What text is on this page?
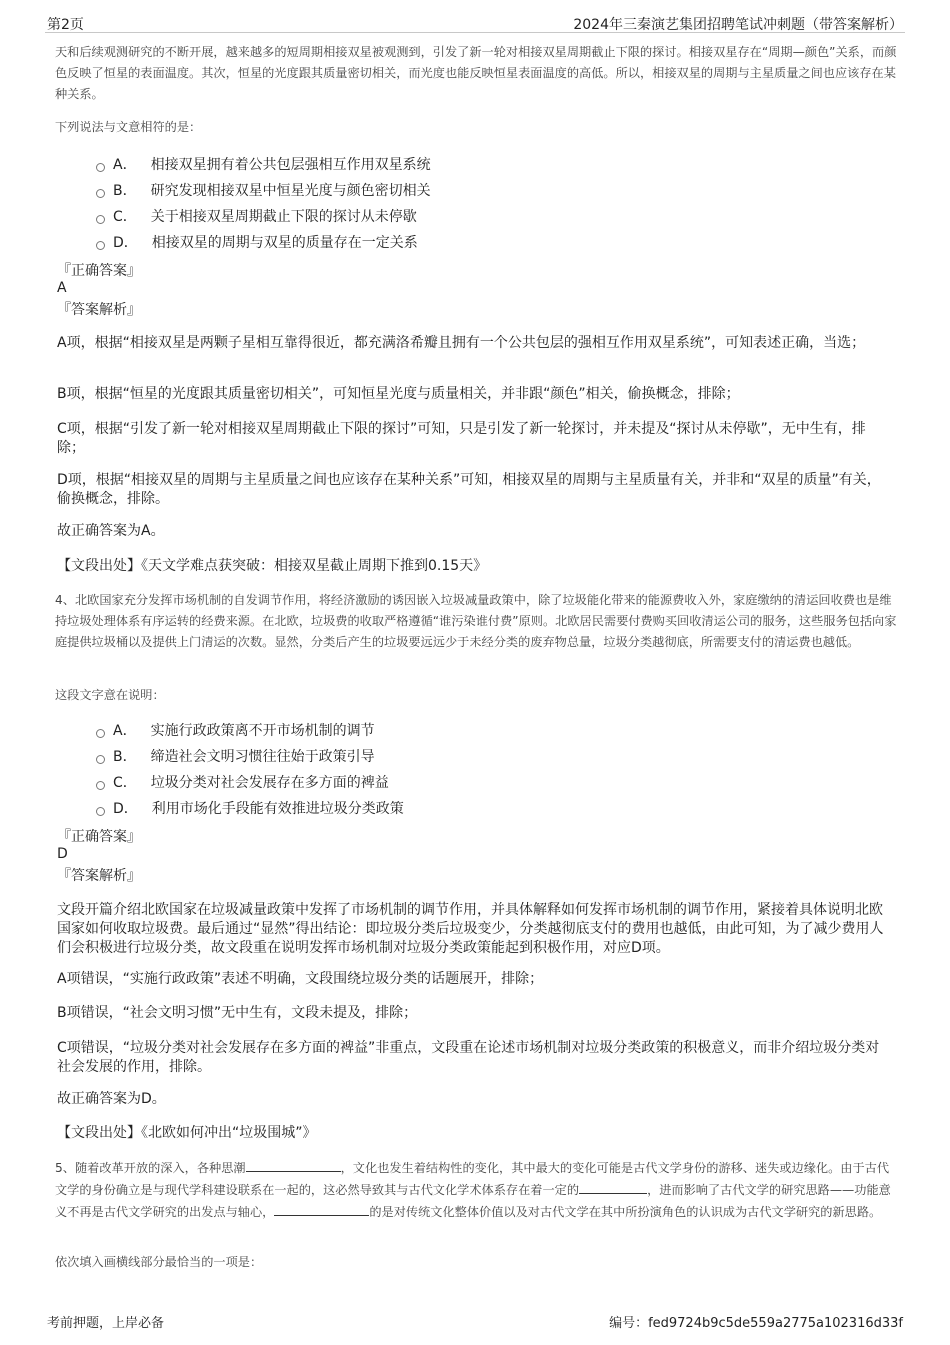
第2页	2024年三秦演艺集团招聘笔试冲刺题（带答案解析）

天和后续观测研究的不断开展，越来越多的短周期相接双星被观测到，引发了新一轮对相接双星周期截止下限的探讨。相接双星存在“周期—颜色”关系，而颜色反映了恒星的表面温度。其次，恒星的光度跟其质量密切相关，而光度也能反映恒星表面温度的高低。所以，相接双星的周期与主星质量之间也应该存在某种关系。

下列说法与文意相符的是：

A． 相接双星拥有着公共包层强相互作用双星系统
B． 研究发现相接双星中恒星光度与颜色密切相关
C． 关于相接双星周期截止下限的探讨从未停歇
D． 相接双星的周期与双星的质量存在一定关系

『正确答案』

A

『答案解析』

A项，根据“相接双星是两颗子星相互靠得很近，都充满洛希瓣且拥有一个公共包层的强相互作用双星系统”，可知表述正确，当选；

B项，根据“恒星的光度跟其质量密切相关”，可知恒星光度与质量相关，并非跟“颜色”相关，偷换概念，排除；

C项，根据“引发了新一轮对相接双星周期截止下限的探讨”可知，只是引发了新一轮探讨，并未提及“探讨从未停歇”，无中生有，排除；

D项，根据“相接双星的周期与主星质量之间也应该存在某种关系”可知，相接双星的周期与主星质量有关，并非和“双星的质量”有关，偷换概念，排除。

故正确答案为A。

【文段出处】《天文学难点获突破：相接双星截止周期下推到0.15天》

4、北欧国家充分发挥市场机制的自发调节作用，将经济激励的诱因嵌入垃圾减量政策中，除了垃圾能化带来的能源费收入外，家庭缴纳的清运回收费也是维持垃圾处理体系有序运转的经费来源。在北欧，垃圾费的收取严格遵循“谁污染谁付费”原则。北欧居民需要付费购买回收清运公司的服务，这些服务包括向家庭提供垃圾桶以及提供上门清运的次数。显然，分类后产生的垃圾要远远少于未经分类的废弃物总量，垃圾分类越彻底，所需要支付的清运费也越低。

这段文字意在说明：

A． 实施行政政策离不开市场机制的调节
B． 缔造社会文明习惯往往始于政策引导
C． 垃圾分类对社会发展存在多方面的裨益
D． 利用市场化手段能有效推进垃圾分类政策

『正确答案』

D

『答案解析』

文段开篇介绍北欧国家在垃圾减量政策中发挥了市场机制的调节作用，并具体解释如何发挥市场机制的调节作用，紧接着具体说明北欧国家如何收取垃圾费。最后通过“显然”得出结论：即垃圾分类后垃圾变少，分类越彻底支付的费用也越低，由此可知，为了减少费用人们会积极进行垃圾分类，故文段重在说明发挥市场机制对垃圾分类政策能起到积极作用，对应D项。

A项错误，“实施行政政策”表述不明确，文段围绕垃圾分类的话题展开，排除；

B项错误，“社会文明习惯”无中生有，文段未提及，排除；

C项错误，“垃圾分类对社会发展存在多方面的裨益”非重点，文段重在论述市场机制对垃圾分类政策的积极意义，而非介绍垃圾分类对社会发展的作用，排除。

故正确答案为D。

【文段出处】《北欧如何冲出“垃圾围城”》

5、随着改革开放的深入，各种思潮	，文化也发生着结构性的变化，其中最大的变化可能是古代文学身份的游移、迷失或边缘化。由于古代文学的身份确立是与现代学科建设联系在一起的，这必然导致其与古代文化学术体系存在着一定的	，进而影响了古代文学的研究思路——功能意义不再是古代文学研究的出发点与轴心，	的是对传统文化整体价值以及对古代文学在其中所扮演角色的认识成为古代文学研究的新思路。

依次填入画横线部分最恰当的一项是：

考前押题，上岸必备	编号：fed9724b9c5de559a2775a102316d33f
